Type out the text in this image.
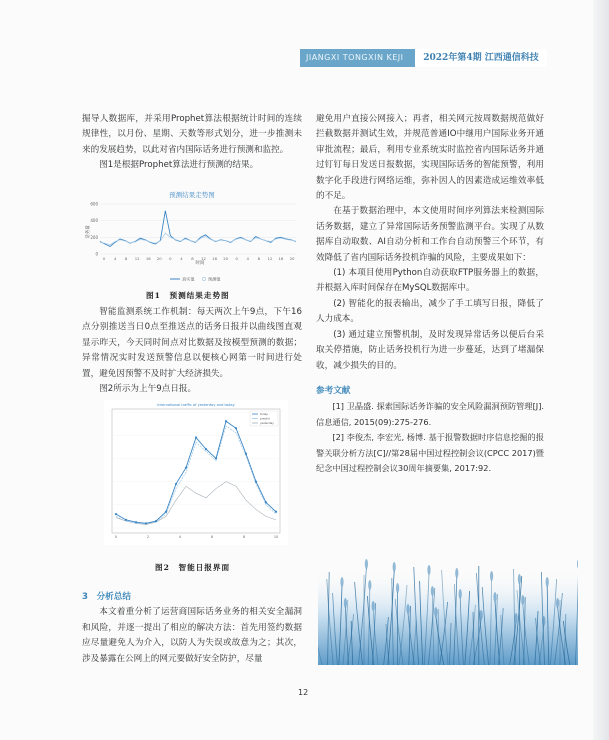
JIANGXI TONGXIN KEJI	2022年第4期 江西通信科技

掘导人数据库，并采用Prophet算法根据统计时间的连续规律性，以月份、星期、天数等形式划分，进一步推测未来的发展趋势，以此对省内国际话务进行预测和监控。

图1是根据Prophet算法进行预测的结果。

预测结果走势图
话务量
0
200
400
600
0 4 8 12 16 20 0 4 8 12 16 20 0 4 8 12 16 20
时间
真实值	预测值
图1　预测结果走势图

智能监测系统工作机制：每天两次上午9点，下午16点分别推送当日0点至推送点的话务日报并以曲线图直观显示昨天，今天同时间点对比数据及按模型预测的数据；异常情况实时发送预警信息以便核心网第一时间进行处置，避免因预警不及时扩大经济损失。

图2所示为上午9点日报。

international traffic of yesterday and today
0	2	4	6	8	10
today
predict
yesterday
图2　智能日报界面

3　分析总结

本文着重分析了运营商国际话务业务的相关安全漏洞和风险，并逐一提出了相应的解决方法：首先用签约数据应尽量避免人为介入，以防人为失误或故意为之；其次，涉及暴露在公网上的网元要做好安全防护，尽量

避免用户直接公网接入；再者，相关网元按周数据规范做好拦截数据并测试生效，并规范普通IO中继用户国际业务开通审批流程；最后，利用专业系统实时监控省内国际话务并通过钉钉每日发送日报数据，实现国际话务的智能预警，利用数字化手段进行网络运维，弥补因人的因素造成运维效率低的不足。

在基于数据治理中，本文使用时间序列算法来检测国际话务数据，建立了异常国际话务预警监测平台。实现了从数据库自动取数、AI自动分析和工作台自动预警三个环节，有效降低了省内国际话务投机诈骗的风险，主要成果如下：

(1) 本项目使用Python自动获取FTP服务器上的数据，并根据入库时间保存在MySQL数据库中。

(2) 智能化的报表输出，减少了手工填写日报，降低了人力成本。

(3) 通过建立预警机制，及时发现异常话务以便后台采取关停措施，防止话务投机行为进一步蔓延，达到了堵漏保收，减少损失的目的。

参考文献

[1] 卫晶盛. 探索国际话务诈骗的安全风险漏洞预防管理[J]. 信息通信, 2015(09):275-276.

[2] 李俊杰, 李宏光, 杨博. 基于报警数据时序信息挖掘的报警关联分析方法[C]//第28届中国过程控制会议(CPCC 2017)暨纪念中国过程控制会议30周年摘要集, 2017:92.

12
